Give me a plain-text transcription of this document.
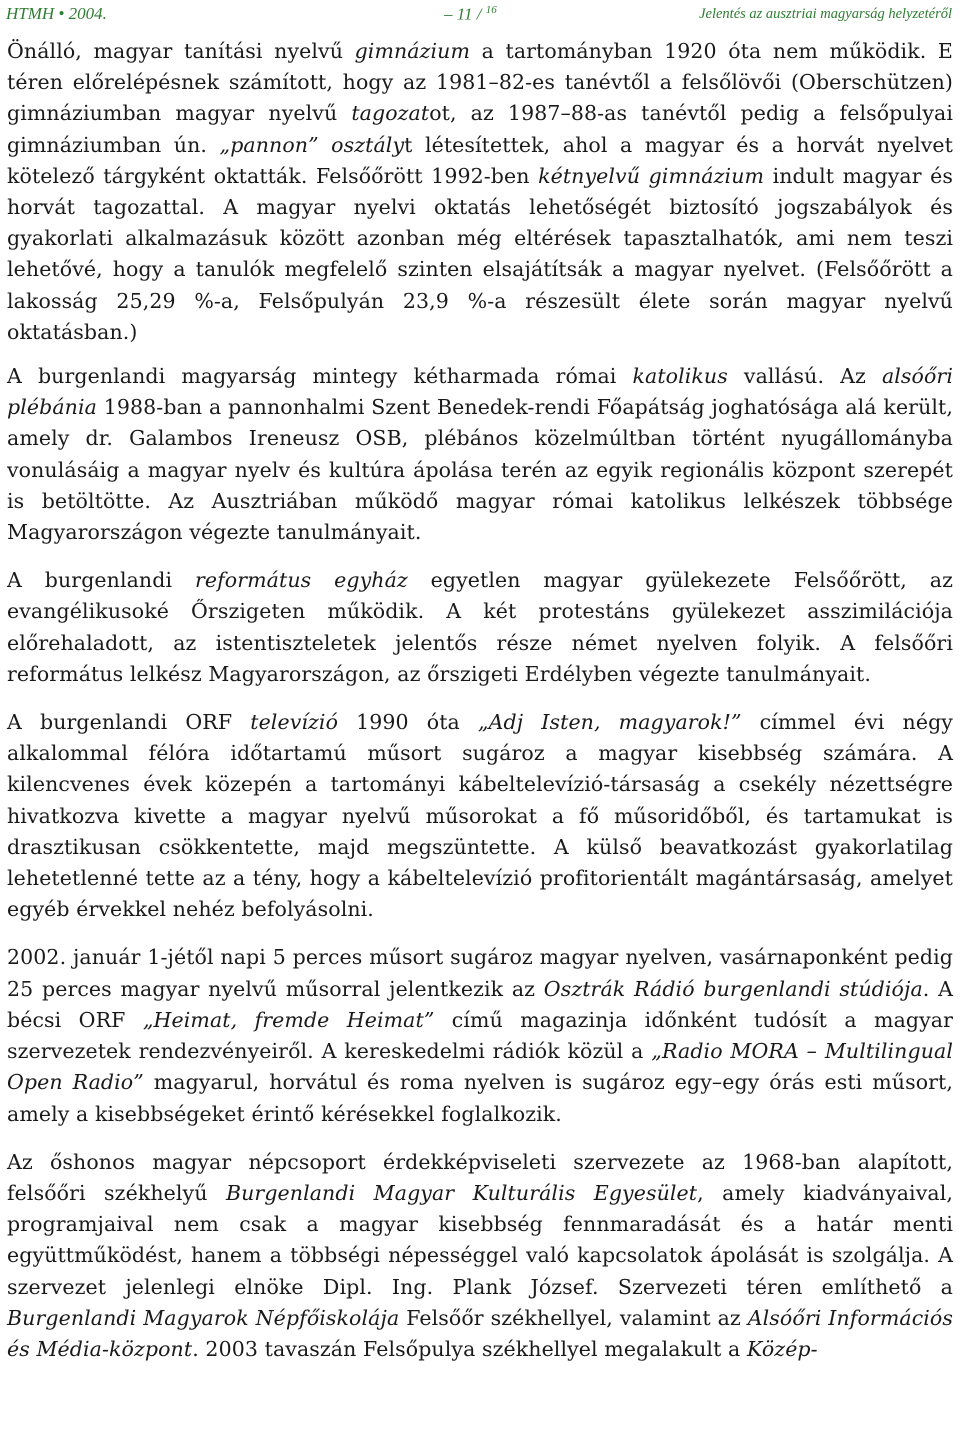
HTMH • 2004.	– 11 / $^{16}$	Jelentés az ausztriai magyarság helyzetéről

Önálló, magyar tanítási nyelvű gimnázium a tartományban 1920 óta nem működik. E téren előrelépésnek számított, hogy az 1981–82-es tanévtől a felsőlövői (Oberschützen) gimnáziumban magyar nyelvű tagozatot, az 1987–88-as tanévtől pedig a felsőpulyai gimnáziumban ún. „pannon” osztályt létesítettek, ahol a magyar és a horvát nyelvet kötelező tárgyként oktatták. Felsőőrött 1992-ben kétnyelvű gimnázium indult magyar és horvát tagozattal. A magyar nyelvi oktatás lehetőségét biztosító jogszabályok és gyakorlati alkalmazásuk között azonban még eltérések tapasztalhatók, ami nem teszi lehetővé, hogy a tanulók megfelelő szinten elsajátítsák a magyar nyelvet. (Felsőőrött a lakosság 25,29 %-a, Felsőpulyán 23,9 %-a részesült élete során magyar nyelvű oktatásban.)

A burgenlandi magyarság mintegy kétharmada római katolikus vallású. Az alsóőri plébánia 1988-ban a pannonhalmi Szent Benedek-rendi Főapátság joghatósága alá került, amely dr. Galambos Ireneusz OSB, plébános közelmúltban történt nyugállományba vonulásáig a magyar nyelv és kultúra ápolása terén az egyik regionális központ szerepét is betöltötte. Az Ausztriában működő magyar római katolikus lelkészek többsége Magyarországon végezte tanulmányait.

A burgenlandi református egyház egyetlen magyar gyülekezete Felsőőrött, az evangélikusoké Őrszigeten működik. A két protestáns gyülekezet asszimilációja előrehaladott, az istentiszteletek jelentős része német nyelven folyik. A felsőőri református lelkész Magyarországon, az őrszigeti Erdélyben végezte tanulmányait.

A burgenlandi ORF televízió 1990 óta „Adj Isten, magyarok!” címmel évi négy alkalommal félóra időtartamú műsort sugároz a magyar kisebbség számára. A kilencvenes évek közepén a tartományi kábeltelevízió-társaság a csekély nézettségre hivatkozva kivette a magyar nyelvű műsorokat a fő műsoridőből, és tartamukat is drasztikusan csökkentette, majd megszüntette. A külső beavatkozást gyakorlatilag lehetetlenné tette az a tény, hogy a kábeltelevízió profitorientált magántársaság, amelyet egyéb érvekkel nehéz befolyásolni.

2002. január 1-jétől napi 5 perces műsort sugároz magyar nyelven, vasárnaponként pedig 25 perces magyar nyelvű műsorral jelentkezik az Osztrák Rádió burgenlandi stúdiója. A bécsi ORF „Heimat, fremde Heimat” című magazinja időnként tudósít a magyar szervezetek rendezvényeiről. A kereskedelmi rádiók közül a „Radio MORA – Multilingual Open Radio” magyarul, horvátul és roma nyelven is sugároz egy–egy órás esti műsort, amely a kisebbségeket érintő kérésekkel foglalkozik.

Az őshonos magyar népcsoport érdekképviseleti szervezete az 1968-ban alapított, felsőőri székhelyű Burgenlandi Magyar Kulturális Egyesület, amely kiadványaival, programjaival nem csak a magyar kisebbség fennmaradását és a határ menti együttműködést, hanem a többségi népességgel való kapcsolatok ápolását is szolgálja. A szervezet jelenlegi elnöke Dipl. Ing. Plank József. Szervezeti téren említhető a Burgenlandi Magyarok Népfőiskolája Felsőőr székhellyel, valamint az Alsóőri Információs és Média-központ. 2003 tavaszán Felsőpulya székhellyel megalakult a Közép-
